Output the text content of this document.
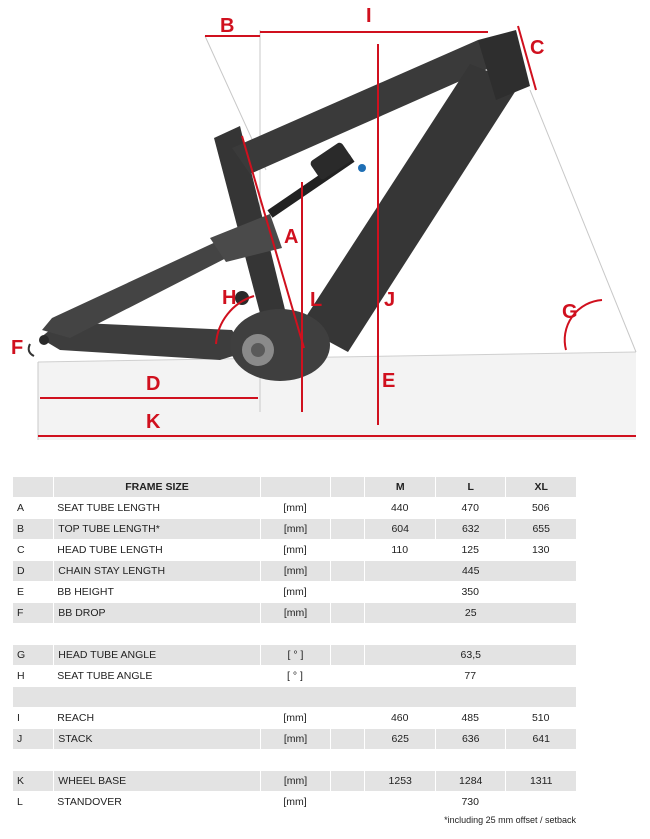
B	I
C
A
H	L	J
G
F
D	E
K
	FRAME SIZE			M	L	XL
A	SEAT TUBE LENGTH	[mm]		440	470	506
B	TOP TUBE LENGTH*	[mm]		604	632	655
C	HEAD TUBE LENGTH	[mm]		110	125	130
D	CHAIN STAY LENGTH	[mm]		445		
E	BB HEIGHT	[mm]		350		
F	BB DROP	[mm]		25		

G	HEAD TUBE ANGLE	[ ° ]		63,5		
H	SEAT TUBE ANGLE	[ ° ]		77		

I	REACH	[mm]		460	485	510
J	STACK	[mm]		625	636	641

K	WHEEL BASE	[mm]		1253	1284	1311
L	STANDOVER	[mm]		730		
*including 25 mm offset / setback
